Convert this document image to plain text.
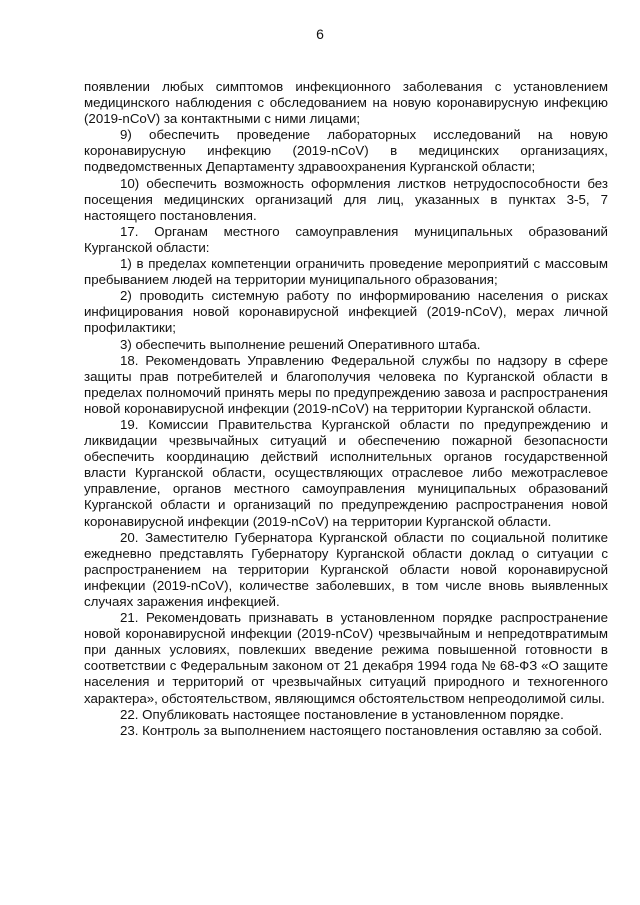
6

появлении любых симптомов инфекционного заболевания с установлением медицинского наблюдения с обследованием на новую коронавирусную инфекцию (2019-nCoV) за контактными с ними лицами;

9) обеспечить проведение лабораторных исследований на новую коронавирусную инфекцию (2019-nCoV) в медицинских организациях, подведомственных Департаменту здравоохранения Курганской области;

10) обеспечить возможность оформления листков нетрудоспособности без посещения медицинских организаций для лиц, указанных в пунктах 3-5, 7 настоящего постановления.

17. Органам местного самоуправления муниципальных образований Курганской области:

1) в пределах компетенции ограничить проведение мероприятий с массовым пребыванием людей на территории муниципального образования;

2) проводить системную работу по информированию населения о рисках инфицирования новой коронавирусной инфекцией (2019-nCoV), мерах личной профилактики;

3) обеспечить выполнение решений Оперативного штаба.

18. Рекомендовать Управлению Федеральной службы по надзору в сфере защиты прав потребителей и благополучия человека по Курганской области в пределах полномочий принять меры по предупреждению завоза и распространения новой коронавирусной инфекции (2019-nCoV) на территории Курганской области.

19. Комиссии Правительства Курганской области по предупреждению и ликвидации чрезвычайных ситуаций и обеспечению пожарной безопасности обеспечить координацию действий исполнительных органов государственной власти Курганской области, осуществляющих отраслевое либо межотраслевое управление, органов местного самоуправления муниципальных образований Курганской области и организаций по предупреждению распространения новой коронавирусной инфекции (2019-nCoV) на территории Курганской области.

20. Заместителю Губернатора Курганской области по социальной политике ежедневно представлять Губернатору Курганской области доклад о ситуации с распространением на территории Курганской области новой коронавирусной инфекции (2019-nCoV), количестве заболевших, в том числе вновь выявленных случаях заражения инфекцией.

21. Рекомендовать признавать в установленном порядке распространение новой коронавирусной инфекции (2019-nCoV) чрезвычайным и непредотвратимым при данных условиях, повлекших введение режима повышенной готовности в соответствии с Федеральным законом от 21 декабря 1994 года № 68-ФЗ «О защите населения и территорий от чрезвычайных ситуаций природного и техногенного характера», обстоятельством, являющимся обстоятельством непреодолимой силы.

22. Опубликовать настоящее постановление в установленном порядке.

23. Контроль за выполнением настоящего постановления оставляю за собой.
